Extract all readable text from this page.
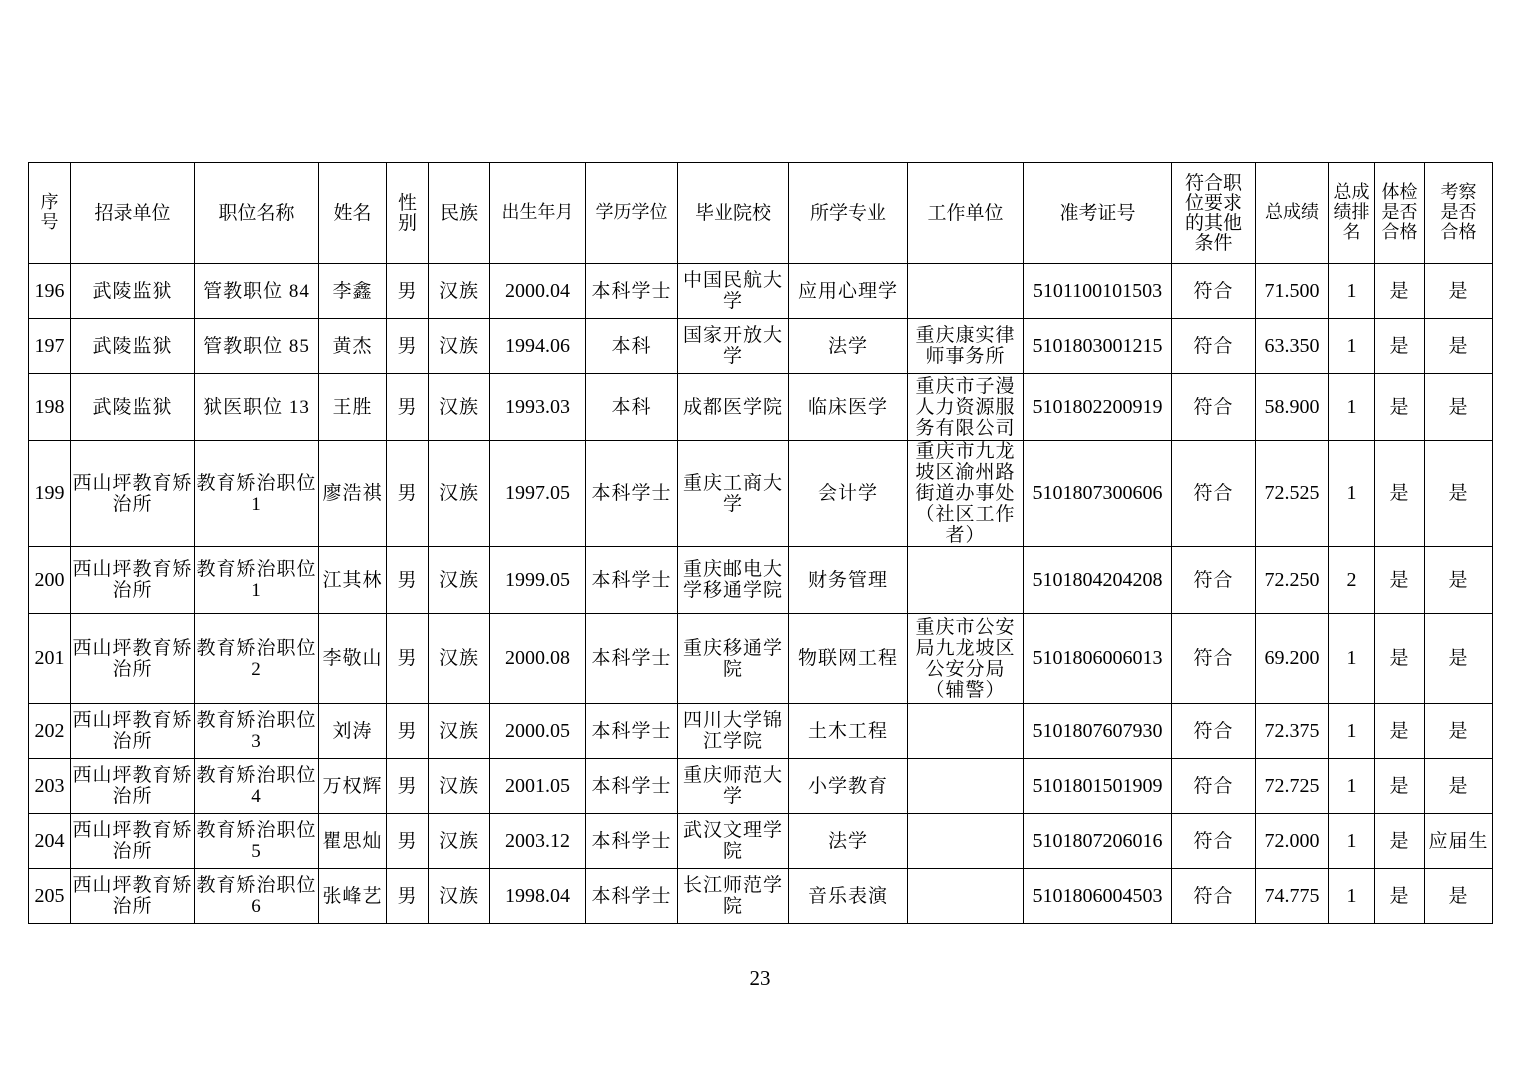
序号	招录单位	职位名称	姓名	性别	民族	出生年月	学历学位	毕业院校	所学专业	工作单位	准考证号	符合职位要求的其他条件	总成绩	总成绩排名	体检是否合格	考察是否合格
196	武陵监狱	管教职位 84	李鑫	男	汉族	2000.04	本科学士	中国民航大学	应用心理学		5101100101503	符合	71.500	1	是	是
197	武陵监狱	管教职位 85	黄杰	男	汉族	1994.06	本科	国家开放大学	法学	重庆康实律师事务所	5101803001215	符合	63.350	1	是	是
198	武陵监狱	狱医职位 13	王胜	男	汉族	1993.03	本科	成都医学院	临床医学	重庆市子漫人力资源服务有限公司	5101802200919	符合	58.900	1	是	是
199	西山坪教育矫治所	教育矫治职位 1	廖浩祺	男	汉族	1997.05	本科学士	重庆工商大学	会计学	重庆市九龙坡区渝州路街道办事处（社区工作者）	5101807300606	符合	72.525	1	是	是
200	西山坪教育矫治所	教育矫治职位 1	江其林	男	汉族	1999.05	本科学士	重庆邮电大学移通学院	财务管理		5101804204208	符合	72.250	2	是	是
201	西山坪教育矫治所	教育矫治职位 2	李敬山	男	汉族	2000.08	本科学士	重庆移通学院	物联网工程	重庆市公安局九龙坡区公安分局（辅警）	5101806006013	符合	69.200	1	是	是
202	西山坪教育矫治所	教育矫治职位 3	刘涛	男	汉族	2000.05	本科学士	四川大学锦江学院	土木工程		5101807607930	符合	72.375	1	是	是
203	西山坪教育矫治所	教育矫治职位 4	万权辉	男	汉族	2001.05	本科学士	重庆师范大学	小学教育		5101801501909	符合	72.725	1	是	是
204	西山坪教育矫治所	教育矫治职位 5	瞿思灿	男	汉族	2003.12	本科学士	武汉文理学院	法学		5101807206016	符合	72.000	1	是	应届生
205	西山坪教育矫治所	教育矫治职位 6	张峰艺	男	汉族	1998.04	本科学士	长江师范学院	音乐表演		5101806004503	符合	74.775	1	是	是
23
